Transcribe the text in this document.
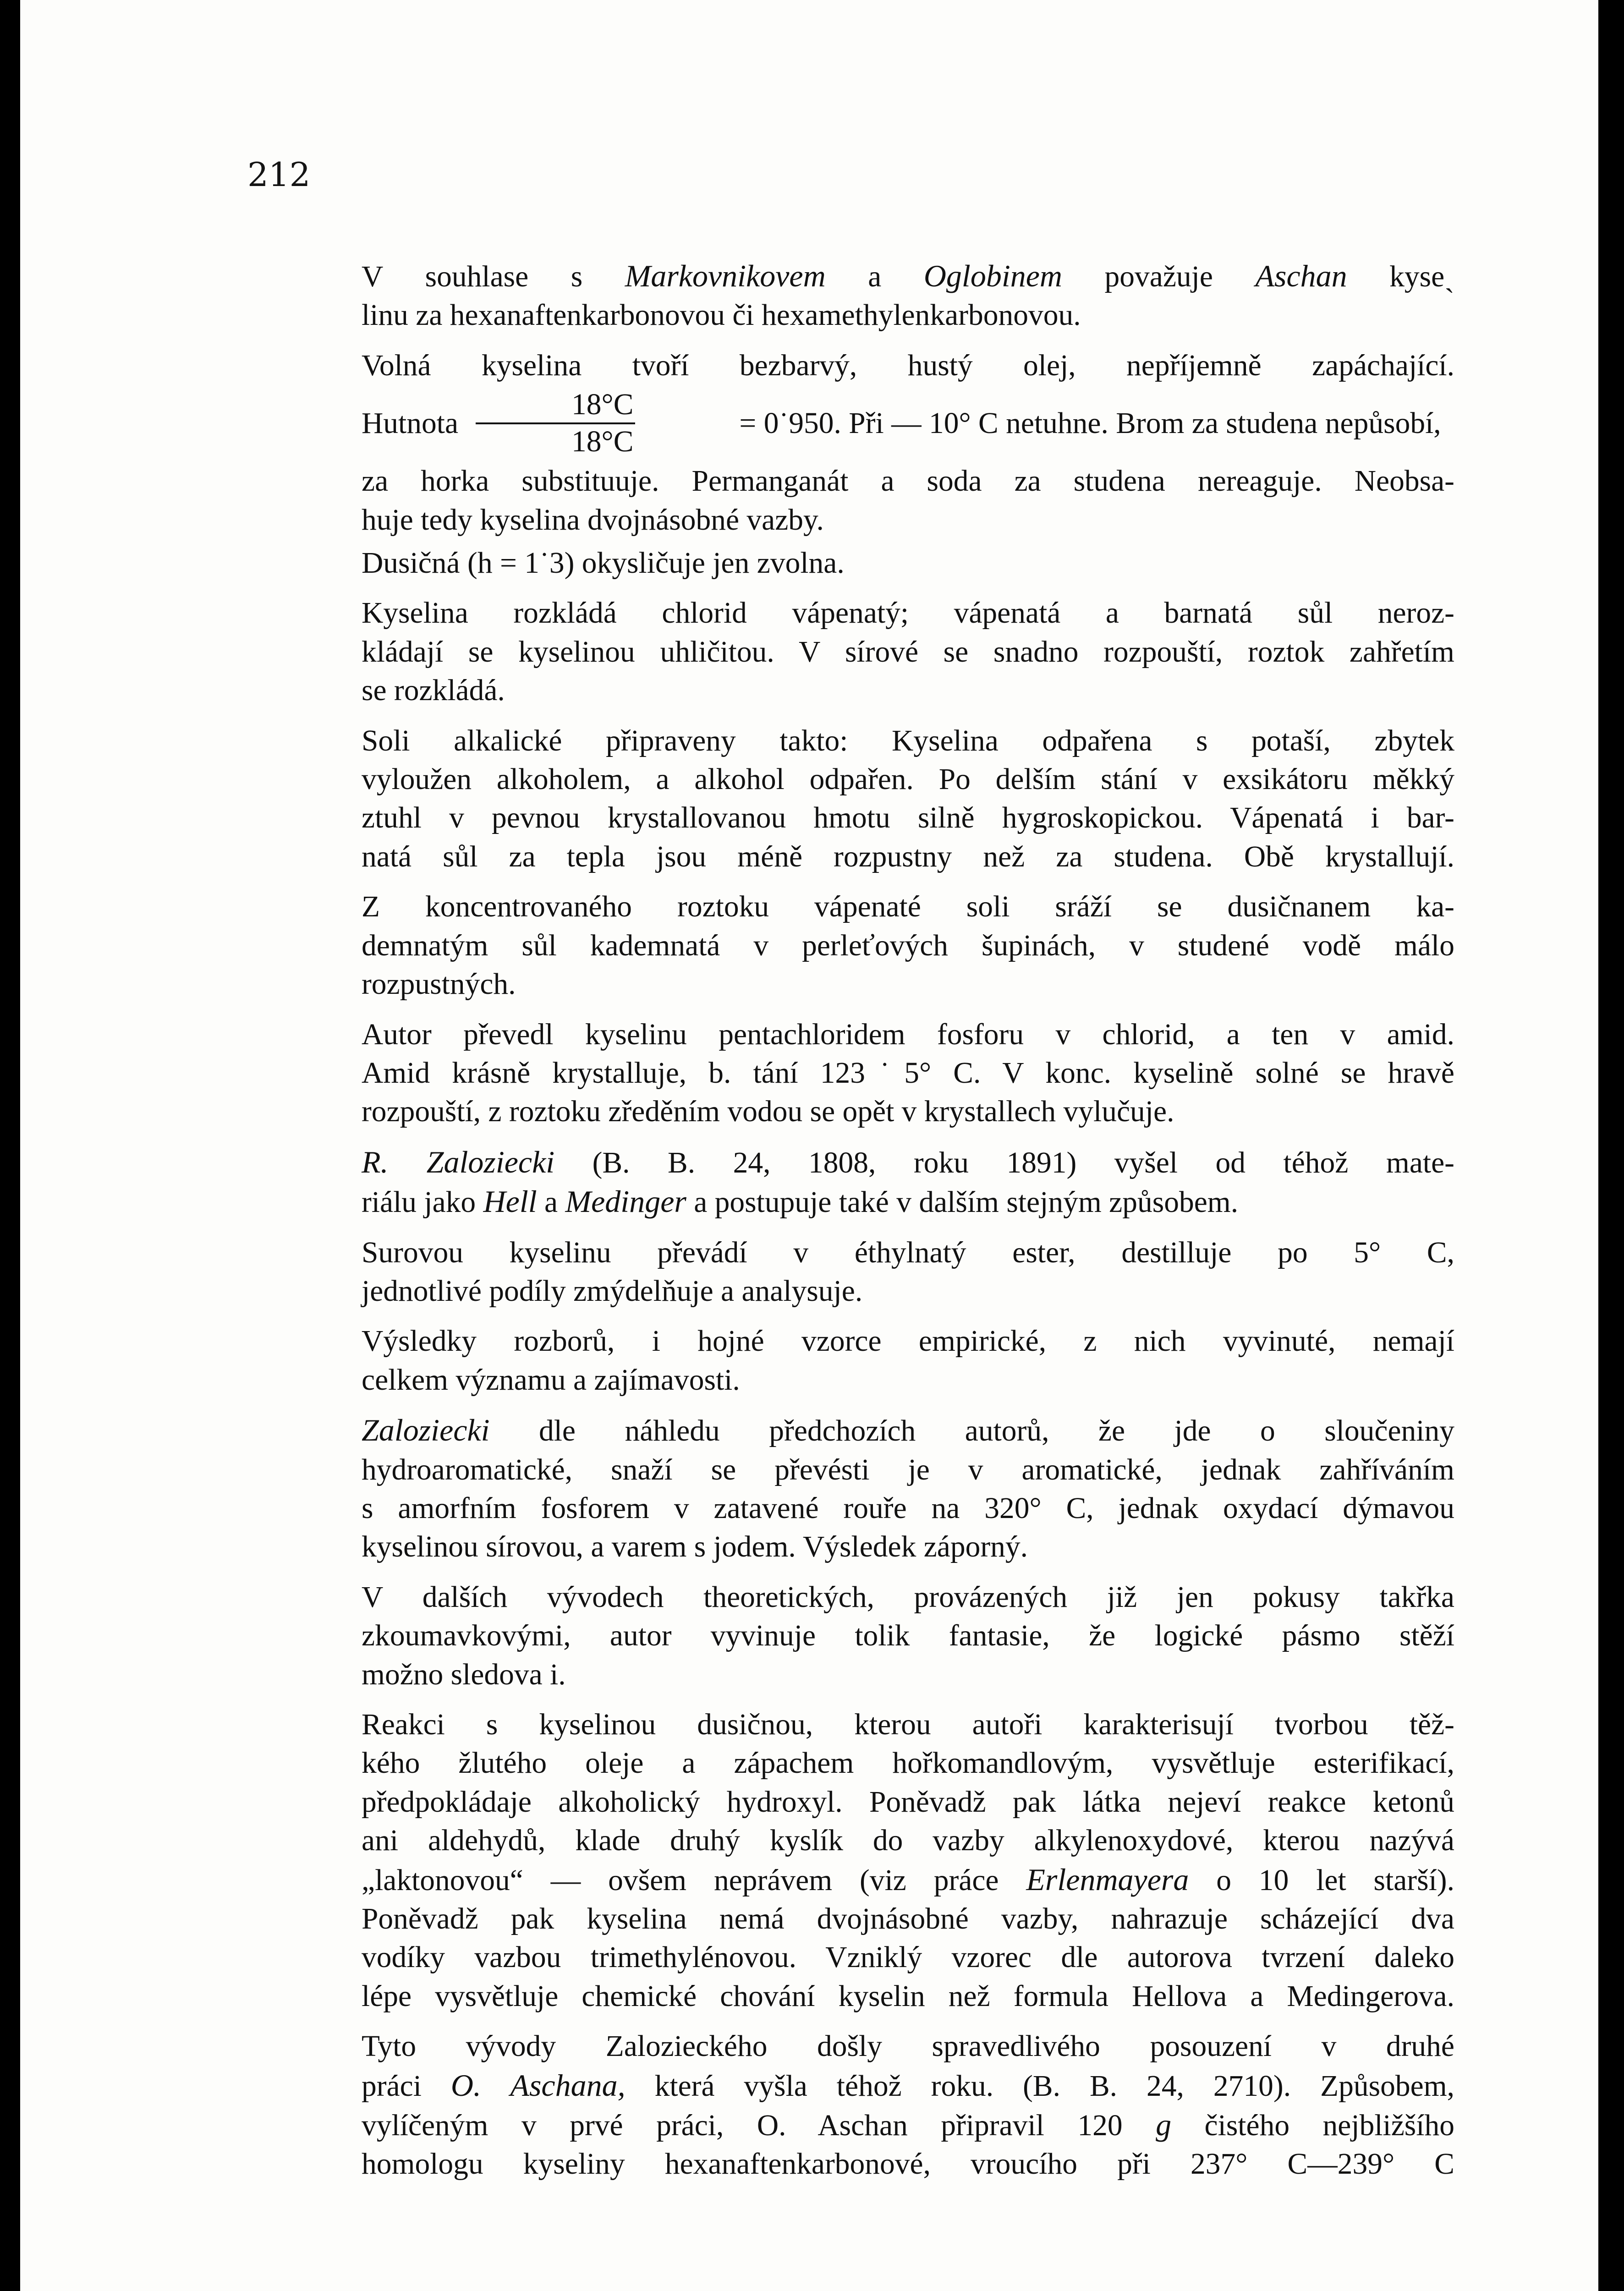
212

V souhlase s Markovnikovem a Oglobinem považuje Aschan kyseˎ
linu za hexanaftenkarbonovou či hexamethylenkarbonovou.
Volná kyselina tvoří bezbarvý, hustý olej, nepříjemně zapáchající.
Hutnota $\frac{18^\circ C}{18^\circ C}$	= 0˙950. Při — 10° C netuhne. Brom za studena nepůsobí,
za horka substituuje. Permanganát a soda za studena nereaguje. Neobsa-
huje tedy kyselina dvojnásobné vazby.
Dusičná (h = 1˙3) okysličuje jen zvolna.
Kyselina rozkládá chlorid vápenatý; vápenatá a barnatá sůl neroz-
kládají se kyselinou uhličitou. V sírové se snadno rozpouští, roztok zahřetím
se rozkládá.
Soli alkalické připraveny takto: Kyselina odpařena s potaší, zbytek
vyloužen alkoholem, a alkohol odpařen. Po delším stání v exsikátoru měkký
ztuhl v pevnou krystallovanou hmotu silně hygroskopickou. Vápenatá i bar-
natá sůl za tepla jsou méně rozpustny než za studena. Obě krystallují.
Z koncentrovaného roztoku vápenaté soli sráží se dusičnanem ka-
demnatým sůl kademnatá v perleťových šupinách, v studené vodě málo
rozpustných.
Autor převedl kyselinu pentachloridem fosforu v chlorid, a ten v amid.
Amid krásně krystalluje, b. tání 123˙5° C. V konc. kyselině solné se hravě
rozpouští, z roztoku zředěním vodou se opět v krystallech vylučuje.
R. Zaloziecki (B. B. 24, 1808, roku 1891) vyšel od téhož mate-
riálu jako Hell a Medinger a postupuje také v dalším stejným způsobem.
Surovou kyselinu převádí v éthylnatý ester, destilluje po 5° C,
jednotlivé podíly zmýdelňuje a analysuje.
Výsledky rozborů, i hojné vzorce empirické, z nich vyvinuté, nemají
celkem významu a zajímavosti.
Zaloziecki dle náhledu předchozích autorů, že jde o sloučeniny
hydroaromatické, snaží se převésti je v aromatické, jednak zahříváním
s amorfním fosforem v zatavené rouře na 320° C, jednak oxydací dýmavou
kyselinou sírovou, a varem s jodem. Výsledek záporný.
V dalších vývodech theoretických, provázených již jen pokusy takřka
zkoumavkovými, autor vyvinuje tolik fantasie, že logické pásmo stěží
možno sledova i.
Reakci s kyselinou dusičnou, kterou autoři karakterisují tvorbou těž-
kého žlutého oleje a zápachem hořkomandlovým, vysvětluje esterifikací,
předpokládaje alkoholický hydroxyl. Poněvadž pak látka nejeví reakce ketonů
ani aldehydů, klade druhý kyslík do vazby alkylenoxydové, kterou nazývá
„laktonovou“ — ovšem neprávem (viz práce Erlenmayera o 10 let starší).
Poněvadž pak kyselina nemá dvojnásobné vazby, nahrazuje scházející dva
vodíky vazbou trimethylénovou. Vzniklý vzorec dle autorova tvrzení daleko
lépe vysvětluje chemické chování kyselin než formula Hellova a Medingerova.
Tyto vývody Zalozieckého došly spravedlivého posouzení v druhé
práci O. Aschana, která vyšla téhož roku. (B. B. 24, 2710). Způsobem,
vylíčeným v prvé práci, O. Aschan připravil 120 g čistého nejbližšího
homologu kyseliny hexanaftenkarbonové, vroucího při 237° C—239° C
